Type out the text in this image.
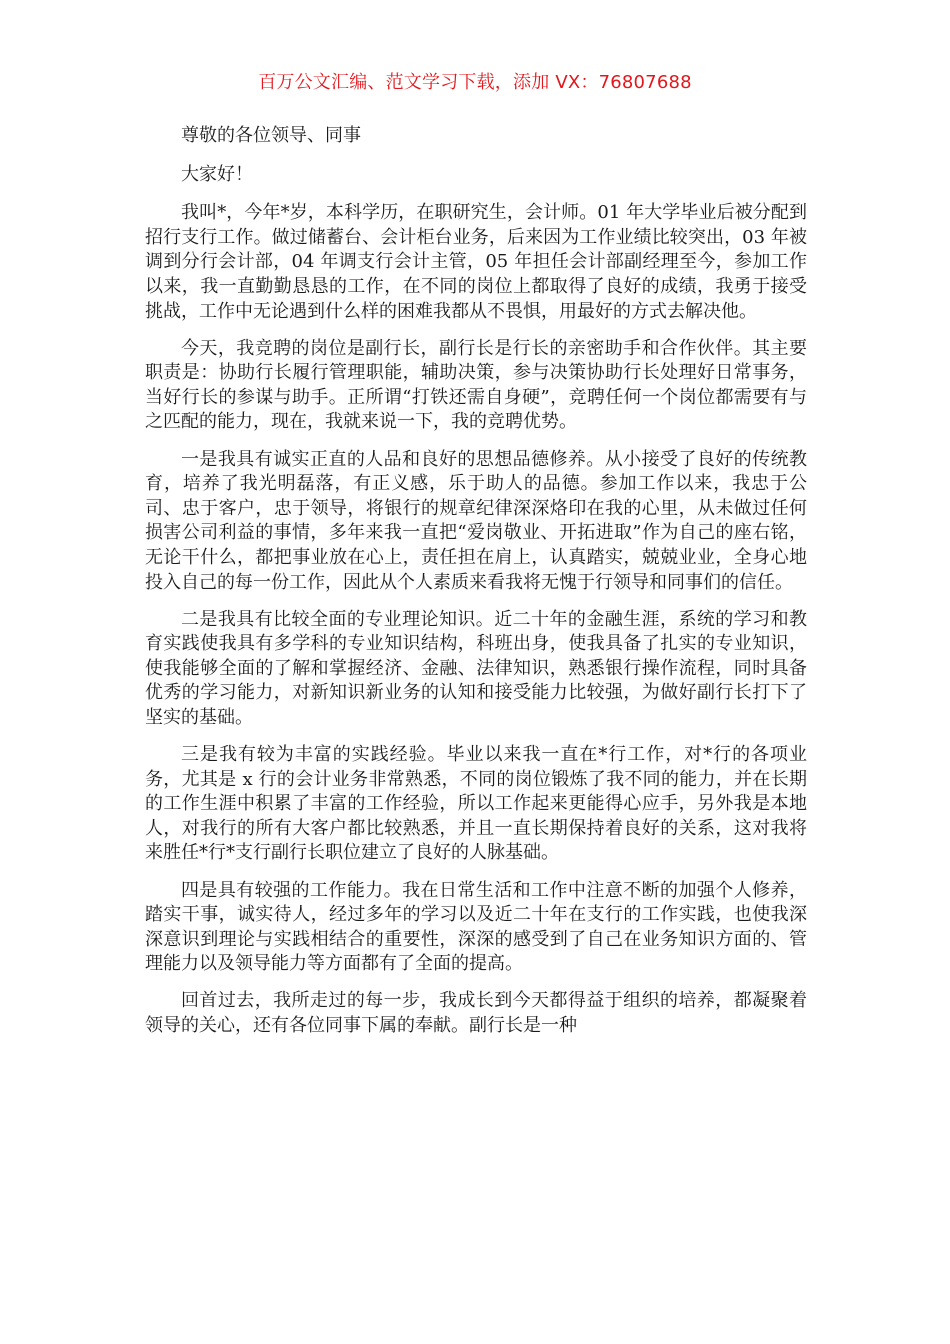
百万公文汇编、范文学习下载，添加 VX：76807688

尊敬的各位领导、同事

大家好！

我叫*，今年*岁，本科学历，在职研究生，会计师。01 年大学毕业后被分配到招行支行工作。做过储蓄台、会计柜台业务，后来因为工作业绩比较突出，03 年被调到分行会计部，04 年调支行会计主管，05 年担任会计部副经理至今，参加工作以来，我一直勤勤恳恳的工作，在不同的岗位上都取得了良好的成绩，我勇于接受挑战，工作中无论遇到什么样的困难我都从不畏惧，用最好的方式去解决他。

今天，我竞聘的岗位是副行长，副行长是行长的亲密助手和合作伙伴。其主要职责是：协助行长履行管理职能，辅助决策，参与决策协助行长处理好日常事务，当好行长的参谋与助手。正所谓“打铁还需自身硬”，竞聘任何一个岗位都需要有与之匹配的能力，现在，我就来说一下，我的竞聘优势。

一是我具有诚实正直的人品和良好的思想品德修养。从小接受了良好的传统教育，培养了我光明磊落，有正义感，乐于助人的品德。参加工作以来，我忠于公司、忠于客户，忠于领导，将银行的规章纪律深深烙印在我的心里，从未做过任何损害公司利益的事情，多年来我一直把“爱岗敬业、开拓进取”作为自己的座右铭，无论干什么，都把事业放在心上，责任担在肩上，认真踏实，兢兢业业，全身心地投入自己的每一份工作，因此从个人素质来看我将无愧于行领导和同事们的信任。

二是我具有比较全面的专业理论知识。近二十年的金融生涯，系统的学习和教育实践使我具有多学科的专业知识结构，科班出身，使我具备了扎实的专业知识，使我能够全面的了解和掌握经济、金融、法律知识，熟悉银行操作流程，同时具备优秀的学习能力，对新知识新业务的认知和接受能力比较强，为做好副行长打下了坚实的基础。

三是我有较为丰富的实践经验。毕业以来我一直在*行工作，对*行的各项业务，尤其是 x 行的会计业务非常熟悉，不同的岗位锻炼了我不同的能力，并在长期的工作生涯中积累了丰富的工作经验，所以工作起来更能得心应手，另外我是本地人，对我行的所有大客户都比较熟悉，并且一直长期保持着良好的关系，这对我将来胜任*行*支行副行长职位建立了良好的人脉基础。

四是具有较强的工作能力。我在日常生活和工作中注意不断的加强个人修养，踏实干事，诚实待人，经过多年的学习以及近二十年在支行的工作实践，也使我深深意识到理论与实践相结合的重要性，深深的感受到了自己在业务知识方面的、管理能力以及领导能力等方面都有了全面的提高。

回首过去，我所走过的每一步，我成长到今天都得益于组织的培养，都凝聚着领导的关心，还有各位同事下属的奉献。副行长是一种
